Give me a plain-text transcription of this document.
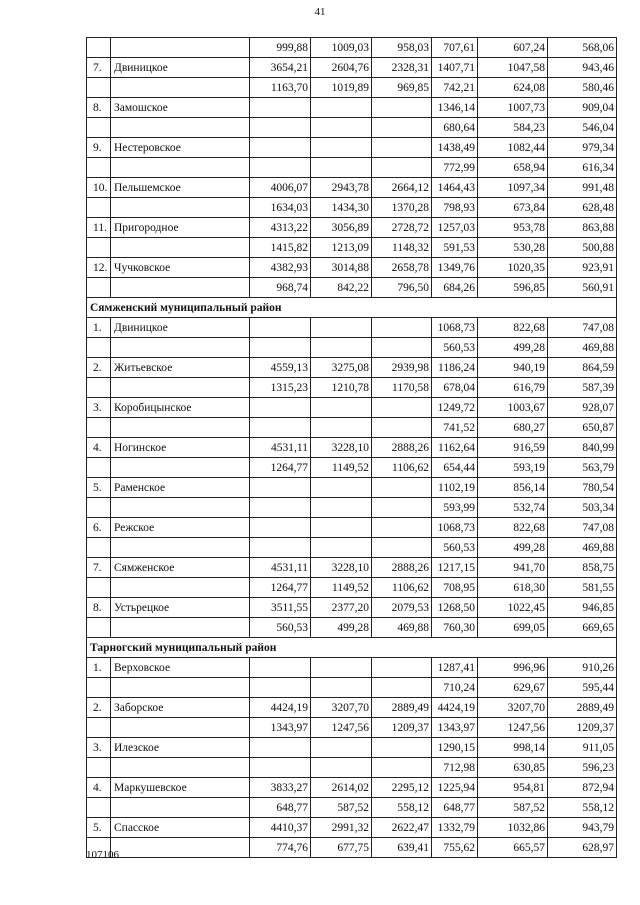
41
		999,88	1009,03	958,03	707,61	607,24	568,06
7.	Двиницкое	3654,21	2604,76	2328,31	1407,71	1047,58	943,46
		1163,70	1019,89	969,85	742,21	624,08	580,46
8.	Замошское				1346,14	1007,73	909,04
					680,64	584,23	546,04
9.	Нестеровское				1438,49	1082,44	979,34
					772,99	658,94	616,34
10.	Пельшемское	4006,07	2943,78	2664,12	1464,43	1097,34	991,48
		1634,03	1434,30	1370,28	798,93	673,84	628,48
11.	Пригородное	4313,22	3056,89	2728,72	1257,03	953,78	863,88
		1415,82	1213,09	1148,32	591,53	530,28	500,88
12.	Чучковское	4382,93	3014,88	2658,78	1349,76	1020,35	923,91
		968,74	842,22	796,50	684,26	596,85	560,91
Сямженский муниципальный район							
1.	Двиницкое				1068,73	822,68	747,08
					560,53	499,28	469,88
2.	Житьевское	4559,13	3275,08	2939,98	1186,24	940,19	864,59
		1315,23	1210,78	1170,58	678,04	616,79	587,39
3.	Коробицынское				1249,72	1003,67	928,07
					741,52	680,27	650,87
4.	Ногинское	4531,11	3228,10	2888,26	1162,64	916,59	840,99
		1264,77	1149,52	1106,62	654,44	593,19	563,79
5.	Раменское				1102,19	856,14	780,54
					593,99	532,74	503,34
6.	Режское				1068,73	822,68	747,08
					560,53	499,28	469,88
7.	Сямженское	4531,11	3228,10	2888,26	1217,15	941,70	858,75
		1264,77	1149,52	1106,62	708,95	618,30	581,55
8.	Устьрецкое	3511,55	2377,20	2079,53	1268,50	1022,45	946,85
		560,53	499,28	469,88	760,30	699,05	669,65
Тарногский муниципальный район							
1.	Верховское				1287,41	996,96	910,26
					710,24	629,67	595,44
2.	Заборское	4424,19	3207,70	2889,49	4424,19	3207,70	2889,49
		1343,97	1247,56	1209,37	1343,97	1247,56	1209,37
3.	Илезское				1290,15	998,14	911,05
					712,98	630,85	596,23
4.	Маркушевское	3833,27	2614,02	2295,12	1225,94	954,81	872,94
		648,77	587,52	558,12	648,77	587,52	558,12
5.	Спасское	4410,37	2991,32	2622,47	1332,79	1032,86	943,79
		774,76	677,75	639,41	755,62	665,57	628,97
107106
